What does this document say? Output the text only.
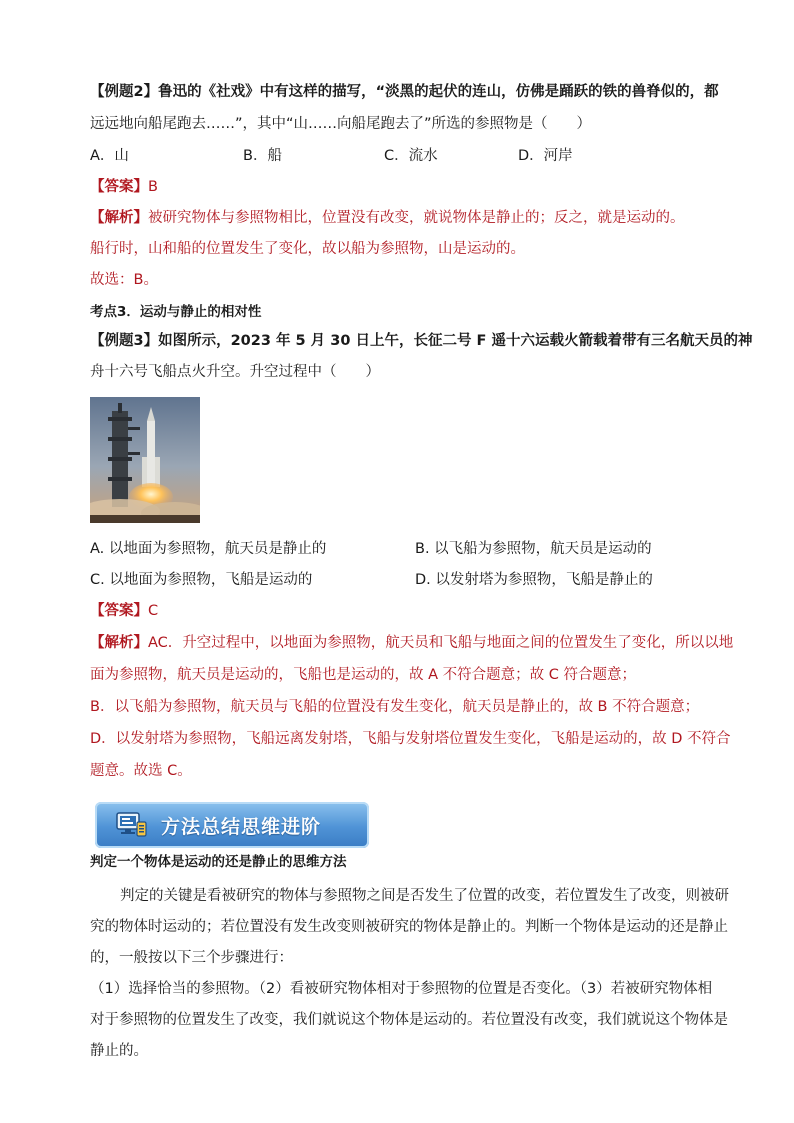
【例题2】鲁迅的《社戏》中有这样的描写，“淡黑的起伏的连山，仿佛是踊跃的铁的兽脊似的，都
远远地向船尾跑去……”，其中“山……向船尾跑去了”所选的参照物是（　　）
A．山	B．船	C．流水	D．河岸
【答案】B
【解析】被研究物体与参照物相比，位置没有改变，就说物体是静止的；反之，就是运动的。
船行时，山和船的位置发生了变化，故以船为参照物，山是运动的。
故选：B。
考点3．运动与静止的相对性
【例题3】如图所示，2023 年 5 月 30 日上午，长征二号 F 遥十六运载火箭载着带有三名航天员的神
舟十六号飞船点火升空。升空过程中（　　）
A. 以地面为参照物，航天员是静止的	B. 以飞船为参照物，航天员是运动的
C. 以地面为参照物，飞船是运动的	D. 以发射塔为参照物，飞船是静止的
【答案】C
【解析】AC．升空过程中，以地面为参照物，航天员和飞船与地面之间的位置发生了变化，所以以地
面为参照物，航天员是运动的，飞船也是运动的，故 A 不符合题意；故 C 符合题意；
B．以飞船为参照物，航天员与飞船的位置没有发生变化，航天员是静止的，故 B 不符合题意；
D．以发射塔为参照物，飞船远离发射塔，飞船与发射塔位置发生变化，飞船是运动的，故 D 不符合
题意。故选 C。
方法总结思维进阶
判定一个物体是运动的还是静止的思维方法
判定的关键是看被研究的物体与参照物之间是否发生了位置的改变，若位置发生了改变，则被研
究的物体时运动的；若位置没有发生改变则被研究的物体是静止的。判断一个物体是运动的还是静止
的，一般按以下三个步骤进行：
（1）选择恰当的参照物。（2）看被研究物体相对于参照物的位置是否变化。（3）若被研究物体相
对于参照物的位置发生了改变，我们就说这个物体是运动的。若位置没有改变，我们就说这个物体是
静止的。
